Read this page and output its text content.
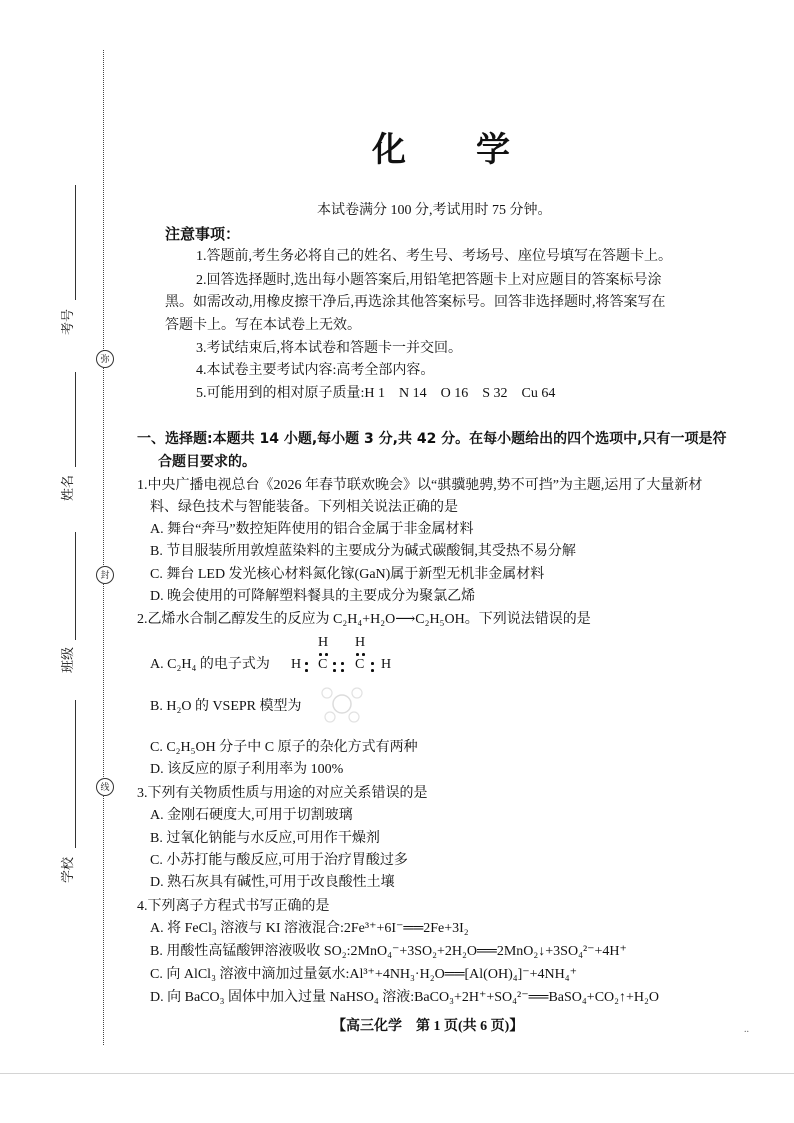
考号
姓名
班级
学校
弥
封
线
化　学
本试卷满分 100 分,考试用时 75 分钟。
注意事项：
1.答题前,考生务必将自己的姓名、考生号、考场号、座位号填写在答题卡上。
2.回答选择题时,选出每小题答案后,用铅笔把答题卡上对应题目的答案标号涂
黑。如需改动,用橡皮擦干净后,再选涂其他答案标号。回答非选择题时,将答案写在
答题卡上。写在本试卷上无效。
3.考试结束后,将本试卷和答题卡一并交回。
4.本试卷主要考试内容:高考全部内容。
5.可能用到的相对原子质量:H 1　N 14　O 16　S 32　Cu 64
一、选择题:本题共 14 小题,每小题 3 分,共 42 分。在每小题给出的四个选项中,只有一项是符
合题目要求的。
1.中央广播电视总台《2026 年春节联欢晚会》以“骐骥驰骋,势不可挡”为主题,运用了大量新材
料、绿色技术与智能装备。下列相关说法正确的是
A. 舞台“奔马”数控矩阵使用的铝合金属于非金属材料
B. 节目服装所用敦煌蓝染料的主要成分为碱式碳酸铜,其受热不易分解
C. 舞台 LED 发光核心材料氮化镓(GaN)属于新型无机非金属材料
D. 晚会使用的可降解塑料餐具的主要成分为聚氯乙烯
2.乙烯水合制乙醇发生的反应为 C₂H₄+H₂O⟶C₂H₅OH。下列说法错误的是
A. C₂H₄ 的电子式为 H
H
C
H
C H
B. H₂O 的 VSEPR 模型为
C. C₂H₅OH 分子中 C 原子的杂化方式有两种
D. 该反应的原子利用率为 100%
3.下列有关物质性质与用途的对应关系错误的是
A. 金刚石硬度大,可用于切割玻璃
B. 过氧化钠能与水反应,可用作干燥剂
C. 小苏打能与酸反应,可用于治疗胃酸过多
D. 熟石灰具有碱性,可用于改良酸性土壤
4.下列离子方程式书写正确的是
A. 将 FeCl₃ 溶液与 KI 溶液混合:2Fe³⁺+6I⁻══2Fe+3I₂
B. 用酸性高锰酸钾溶液吸收 SO₂:2MnO₄⁻+3SO₂+2H₂O══2MnO₂↓+3SO₄²⁻+4H⁺
C. 向 AlCl₃ 溶液中滴加过量氨水:Al³⁺+4NH₃·H₂O══[Al(OH)₄]⁻+4NH₄⁺
D. 向 BaCO₃ 固体中加入过量 NaHSO₄ 溶液:BaCO₃+2H⁺+SO₄²⁻══BaSO₄+CO₂↑+H₂O
【高三化学　第 1 页(共 6 页)】	..
